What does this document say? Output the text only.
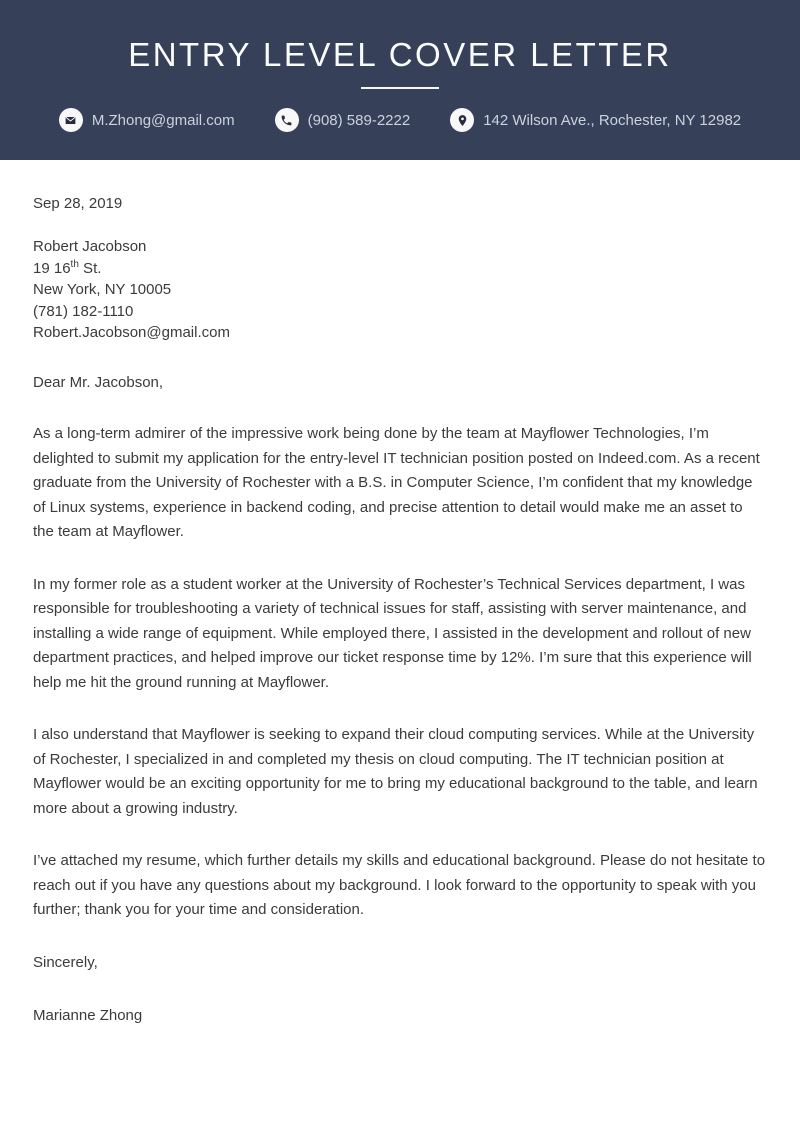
ENTRY LEVEL COVER LETTER
M.Zhong@gmail.com	(908) 589-2222	142 Wilson Ave., Rochester, NY 12982
Sep 28, 2019
Robert Jacobson
19 16th St.
New York, NY 10005
(781) 182-1110
Robert.Jacobson@gmail.com
Dear Mr. Jacobson,

As a long-term admirer of the impressive work being done by the team at Mayflower Technologies, I’m delighted to submit my application for the entry-level IT technician position posted on Indeed.com. As a recent graduate from the University of Rochester with a B.S. in Computer Science, I’m confident that my knowledge of Linux systems, experience in backend coding, and precise attention to detail would make me an asset to the team at Mayflower.

In my former role as a student worker at the University of Rochester’s Technical Services department, I was responsible for troubleshooting a variety of technical issues for staff, assisting with server maintenance, and installing a wide range of equipment. While employed there, I assisted in the development and rollout of new department practices, and helped improve our ticket response time by 12%. I’m sure that this experience will help me hit the ground running at Mayflower.

I also understand that Mayflower is seeking to expand their cloud computing services. While at the University of Rochester, I specialized in and completed my thesis on cloud computing. The IT technician position at Mayflower would be an exciting opportunity for me to bring my educational background to the table, and learn more about a growing industry.

I’ve attached my resume, which further details my skills and educational background. Please do not hesitate to reach out if you have any questions about my background. I look forward to the opportunity to speak with you further; thank you for your time and consideration.

Sincerely,
Marianne Zhong
